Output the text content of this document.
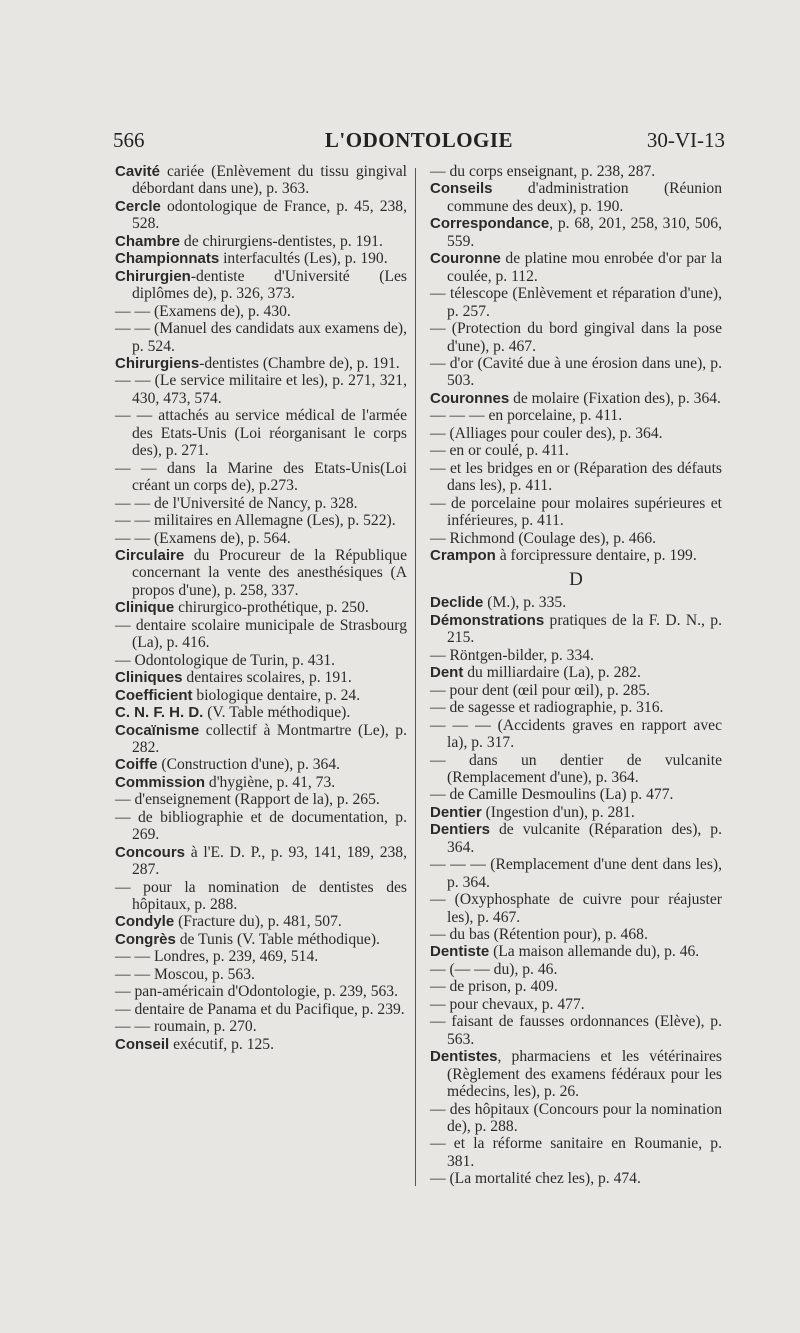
566	L'ODONTOLOGIE	30-VI-13
Cavité cariée (Enlèvement du tissu gingival débordant dans une), p. 363.
Cercle odontologique de France, p. 45, 238, 528.
Chambre de chirurgiens-dentistes, p. 191.
Championnats interfacultés (Les), p. 190.
Chirurgien-dentiste d'Université (Les diplômes de), p. 326, 373.
— — (Examens de), p. 430.
— — (Manuel des candidats aux examens de), p. 524.
Chirurgiens-dentistes (Chambre de), p. 191.
— — (Le service militaire et les), p. 271, 321, 430, 473, 574.
— — attachés au service médical de l'armée des Etats-Unis (Loi réorganisant le corps des), p. 271.
— — dans la Marine des Etats-Unis(Loi créant un corps de), p.273.
— — de l'Université de Nancy, p. 328.
— — militaires en Allemagne (Les), p. 522).
— — (Examens de), p. 564.
Circulaire du Procureur de la République concernant la vente des anesthésiques (A propos d'une), p. 258, 337.
Clinique chirurgico-prothétique, p. 250.
— dentaire scolaire municipale de Strasbourg (La), p. 416.
— Odontologique de Turin, p. 431.
Cliniques dentaires scolaires, p. 191.
Coefficient biologique dentaire, p. 24.
C. N. F. H. D. (V. Table méthodique).
Cocaïnisme collectif à Montmartre (Le), p. 282.
Coiffe (Construction d'une), p. 364.
Commission d'hygiène, p. 41, 73.
— d'enseignement (Rapport de la), p. 265.
— de bibliographie et de documentation, p. 269.
Concours à l'E. D. P., p. 93, 141, 189, 238, 287.
— pour la nomination de dentistes des hôpitaux, p. 288.
Condyle (Fracture du), p. 481, 507.
Congrès de Tunis (V. Table méthodique).
— — Londres, p. 239, 469, 514.
— — Moscou, p. 563.
— pan-américain d'Odontologie, p. 239, 563.
— dentaire de Panama et du Pacifique, p. 239.
— — roumain, p. 270.
Conseil exécutif, p. 125.
— du corps enseignant, p. 238, 287.
Conseils d'administration (Réunion commune des deux), p. 190.
Correspondance, p. 68, 201, 258, 310, 506, 559.
Couronne de platine mou enrobée d'or par la coulée, p. 112.
— télescope (Enlèvement et réparation d'une), p. 257.
— (Protection du bord gingival dans la pose d'une), p. 467.
— d'or (Cavité due à une érosion dans une), p. 503.
Couronnes de molaire (Fixation des), p. 364.
— — — en porcelaine, p. 411.
— (Alliages pour couler des), p. 364.
— en or coulé, p. 411.
— et les bridges en or (Réparation des défauts dans les), p. 411.
— de porcelaine pour molaires supérieures et inférieures, p. 411.
— Richmond (Coulage des), p. 466.
Crampon à forcipressure dentaire, p. 199.
D
Declide (M.), p. 335.
Démonstrations pratiques de la F. D. N., p. 215.
— Röntgen-bilder, p. 334.
Dent du milliardaire (La), p. 282.
— pour dent (œil pour œil), p. 285.
— de sagesse et radiographie, p. 316.
— — — (Accidents graves en rapport avec la), p. 317.
— dans un dentier de vulcanite (Remplacement d'une), p. 364.
— de Camille Desmoulins (La) p. 477.
Dentier (Ingestion d'un), p. 281.
Dentiers de vulcanite (Réparation des), p. 364.
— — — (Remplacement d'une dent dans les), p. 364.
— (Oxyphosphate de cuivre pour réajuster les), p. 467.
— du bas (Rétention pour), p. 468.
Dentiste (La maison allemande du), p. 46.
— (— — du), p. 46.
— de prison, p. 409.
— pour chevaux, p. 477.
— faisant de fausses ordonnances (Elève), p. 563.
Dentistes, pharmaciens et les vétérinaires (Règlement des examens fédéraux pour les médecins, les), p. 26.
— des hôpitaux (Concours pour la nomination de), p. 288.
— et la réforme sanitaire en Roumanie, p. 381.
— (La mortalité chez les), p. 474.
